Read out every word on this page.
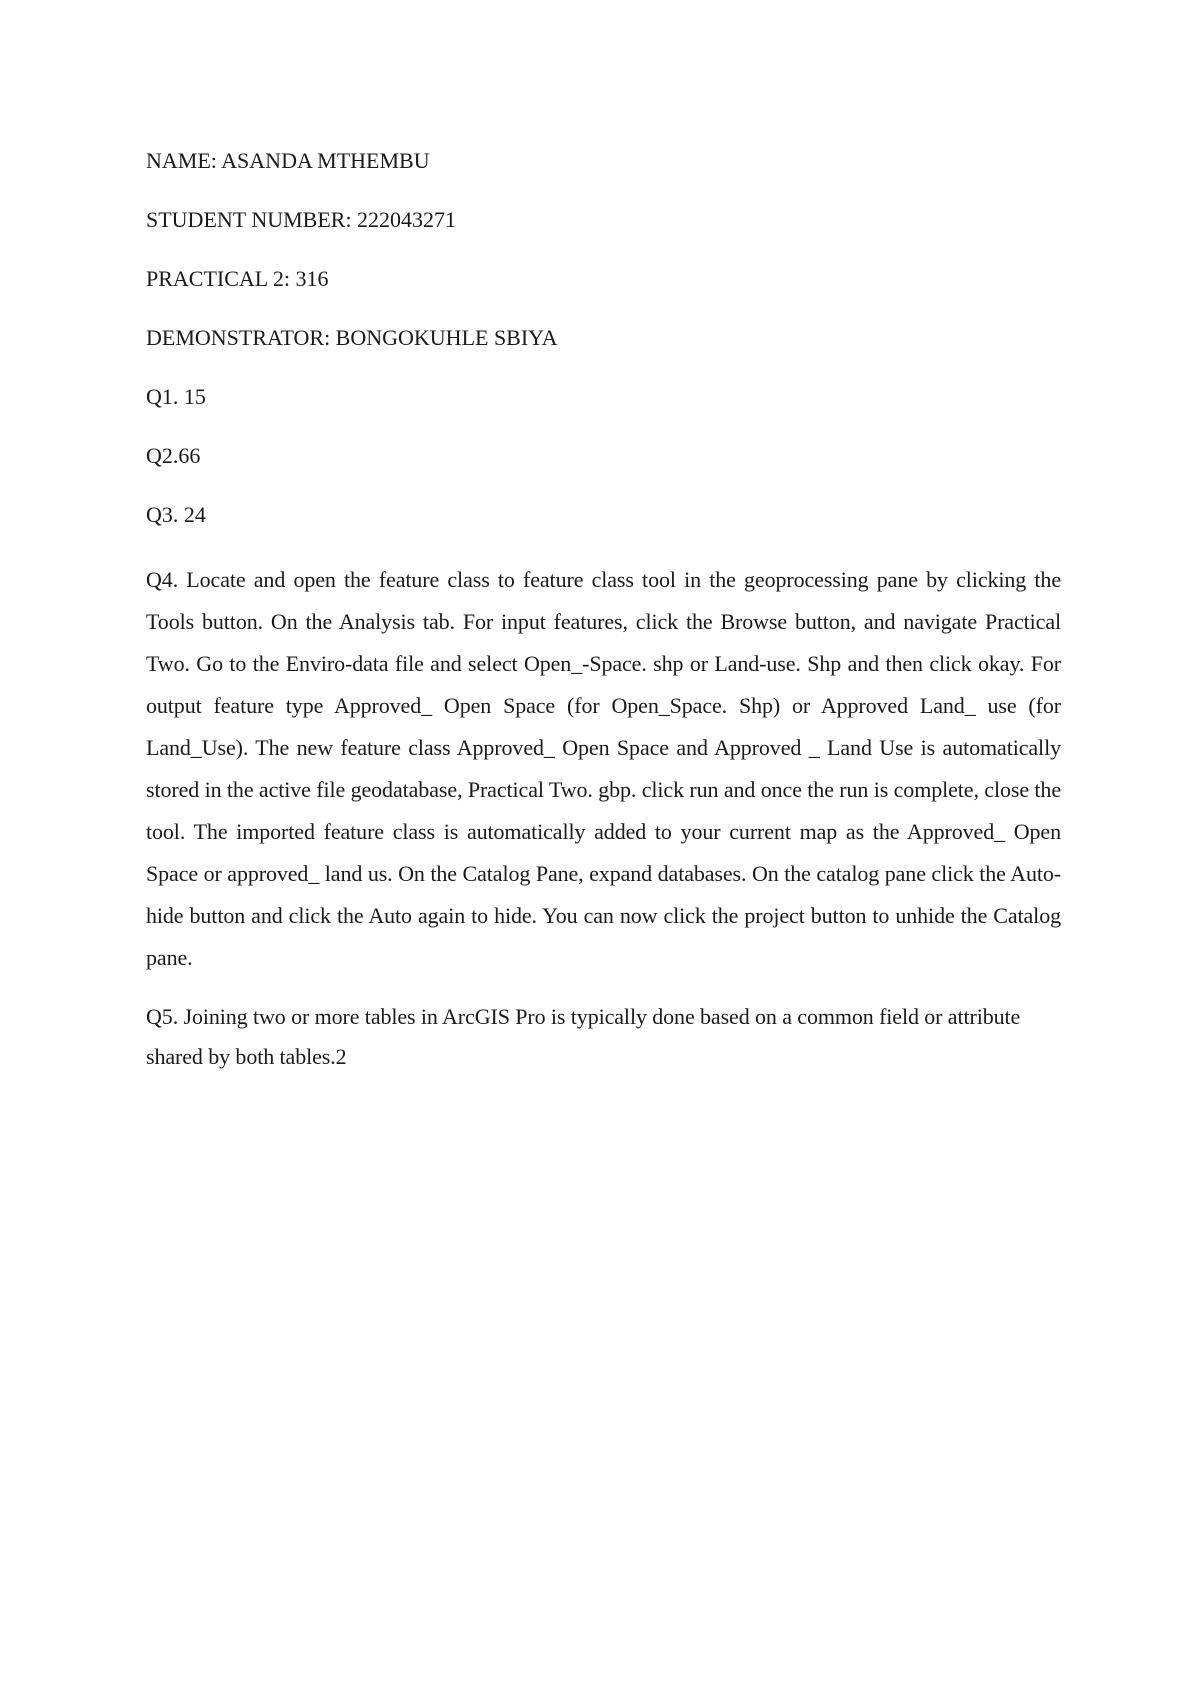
NAME: ASANDA MTHEMBU

STUDENT NUMBER: 222043271

PRACTICAL 2: 316

DEMONSTRATOR: BONGOKUHLE SBIYA

Q1. 15

Q2.66

Q3. 24

Q4. Locate and open the feature class to feature class tool in the geoprocessing pane by clicking the Tools button. On the Analysis tab. For input features, click the Browse button, and navigate Practical Two. Go to the Enviro-data file and select Open_-Space. shp or Land-use. Shp and then click okay. For output feature type Approved_ Open Space (for Open_Space. Shp) or Approved Land_ use (for Land_Use). The new feature class Approved_ Open Space and Approved _ Land Use is automatically stored in the active file geodatabase, Practical Two. gbp. click run and once the run is complete, close the tool. The imported feature class is automatically added to your current map as the Approved_ Open Space or approved_ land us. On the Catalog Pane, expand databases. On the catalog pane click the Auto-hide button and click the Auto again to hide. You can now click the project button to unhide the Catalog pane.

Q5. Joining two or more tables in ArcGIS Pro is typically done based on a common field or attribute shared by both tables.2
